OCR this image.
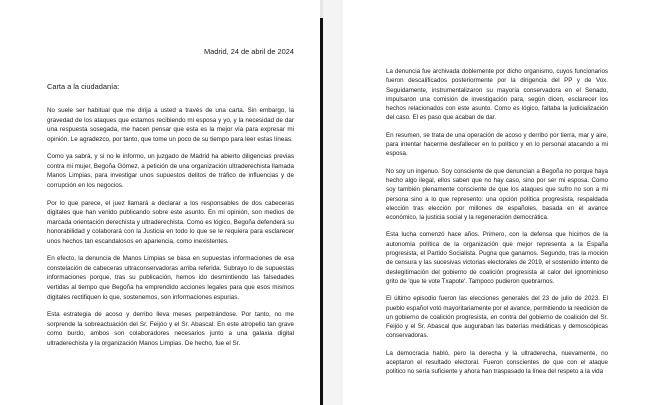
Madrid, 24 de abril de 2024
Carta a la ciudadanía:

No suele ser habitual que me dirija a usted a través de una carta. Sin embargo, la gravedad de los ataques que estamos recibiendo mi esposa y yo, y la necesidad de dar una respuesta sosegada, me hacen pensar que esta es la mejor vía para expresar mi opinión. Le agradezco, por tanto, que tome un poco de su tiempo para leer estas líneas.

Como ya sabrá, y si no le informo, un juzgado de Madrid ha abierto diligencias previas contra mi mujer, Begoña Gómez, a petición de una organización ultraderechista llamada Manos Limpias, para investigar unos supuestos delitos de tráfico de influencias y de corrupción en los negocios.

Por lo que parece, el juez llamará a declarar a los responsables de dos cabeceras digitales que han venido publicando sobre este asunto. En mi opinión, son medios de marcada orientación derechista y ultraderechista. Como es lógico, Begoña defenderá su honorabilidad y colaborará con la Justicia en todo lo que se le requiera para esclarecer unos hechos tan escandalosos en apariencia, como inexistentes.

En efecto, la denuncia de Manos Limpias se basa en supuestas informaciones de esa constelación de cabeceras ultraconservadoras arriba referida. Subrayo lo de supuestas informaciones porque, tras su publicación, hemos ido desmintiendo las falsedades vertidas al tiempo que Begoña ha emprendido acciones legales para que esos mismos digitales rectifiquen lo que, sostenemos, son informaciones espurias.

Esta estrategia de acoso y derribo lleva meses perpetrándose. Por tanto, no me sorprende la sobreactuación del Sr. Feijóo y el Sr. Abascal. En este atropello tan grave como burdo, ambos son colaboradores necesarios junto a una galaxia digital ultraderechista y la organización Manos Limpias. De hecho, fue el Sr.

La denuncia fue archivada doblemente por dicho organismo, cuyos funcionarios fueron descalificados posteriormente por la dirigencia del PP y de Vox. Seguidamente, instrumentalizaron su mayoría conservadora en el Senado, impulsaron una comisión de investigación para, según dicen, esclarecer los hechos relacionados con este asunto. Como es lógico, faltaba la judicialización del caso. El es paso que acaban de dar.

En resumen, se trata de una operación de acoso y derribo por tierra, mar y aire, para intentar hacerme desfallecer en lo político y en lo personal atacando a mi esposa.

No soy un ingenuo. Soy consciente de que denuncian a Begoña no porque haya hecho algo ilegal, ellos saben que no hay caso, sino por ser mi esposa. Como soy también plenamente consciente de que los ataques que sufro no son a mi persona sino a lo que represento: una opción política progresista, respaldada elección tras elección por millones de españoles, basada en el avance económico, la justicia social y la regeneración democrática.

Esta lucha comenzó hace años. Primero, con la defensa que hicimos de la autonomía política de la organización que mejor representa a la España progresista, el Partido Socialista. Pugna que ganamos. Segundo, tras la moción de censura y las sucesivas victorias electorales de 2019, el sostenido intento de deslegitimación del gobierno de coalición progresista al calor del ignominioso grito de 'que te vote Txapote'. Tampoco pudieron quebrarnos.

El último episodio fueron las elecciones generales del 23 de julio de 2023. El pueblo español votó mayoritariamente por el avance, permitiendo la reedición de un gobierno de coalición progresista, en contra del gobierno de coalición del Sr. Feijóo y el Sr. Abascal que auguraban las baterías mediáticas y demoscópicas conservadoras.

La democracia habló, pero la derecha y la ultraderecha, nuevamente, no aceptaron el resultado electoral. Fueron conscientes de que con el ataque político no sería suficiente y ahora han traspasado la línea del respeto a la vida
